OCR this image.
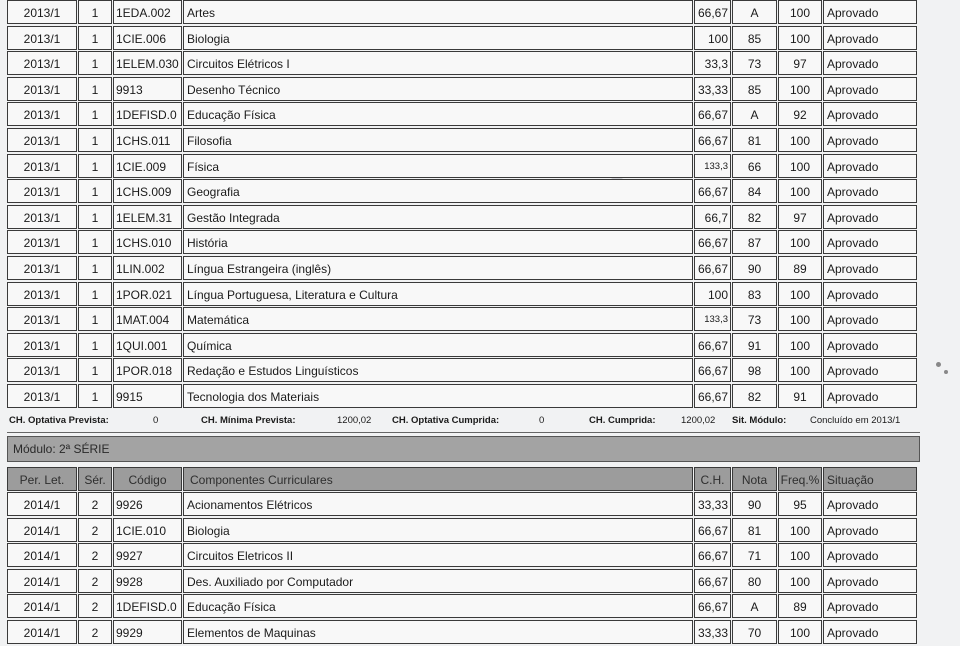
2013/1	1	1EDA.002	Artes	66,67	A	100	Aprovado
2013/1	1	1CIE.006	Biologia	100	85	100	Aprovado
2013/1	1	1ELEM.030 Circuitos Elétricos I	33,3	73	97	Aprovado
2013/1	1	9913	Desenho Técnico	33,33	85	100	Aprovado
2013/1	1	1DEFISD.0 Educação Física	66,67	A	92	Aprovado
2013/1	1	1CHS.011	Filosofia	66,67	81	100	Aprovado
2013/1	1	1CIE.009	Física	133,3	66	100	Aprovado
2013/1	1	1CHS.009	Geografia	66,67	84	100	Aprovado
2013/1	1	1ELEM.31	Gestão Integrada	66,7	82	97	Aprovado
2013/1	1	1CHS.010	História	66,67	87	100	Aprovado
2013/1	1	1LIN.002	Língua Estrangeira (inglês)	66,67	90	89	Aprovado
2013/1	1	1POR.021	Língua Portuguesa, Literatura e Cultura	100	83	100	Aprovado
2013/1	1	1MAT.004	Matemática	133,3	73	100	Aprovado
2013/1	1	1QUI.001	Química	66,67	91	100	Aprovado
2013/1	1	1POR.018	Redação e Estudos Linguísticos	66,67	98	100	Aprovado
2013/1	1	9915	Tecnologia dos Materiais	66,67	82	91	Aprovado
CH. Optativa Prevista:	0	CH. Mínima Prevista:	1200,02 CH. Optativa Cumprida:	0	CH. Cumprida:	1200,02 Sit. Módulo: Concluído em 2013/1
Módulo: 2ª SÉRIE
Per. Let.	Sér.	Código	Componentes Curriculares	C.H.	Nota	Freq.% Situação
2014/1	2	9926	Acionamentos Elétricos	33,33	90	95	Aprovado
2014/1	2	1CIE.010	Biologia	66,67	81	100	Aprovado
2014/1	2	9927	Circuitos Eletricos II	66,67	71	100	Aprovado
2014/1	2	9928	Des. Auxiliado por Computador	66,67	80	100	Aprovado
2014/1	2	1DEFISD.0 Educação Física	66,67	A	89	Aprovado
2014/1	2	9929	Elementos de Maquinas	33,33	70	100	Aprovado
